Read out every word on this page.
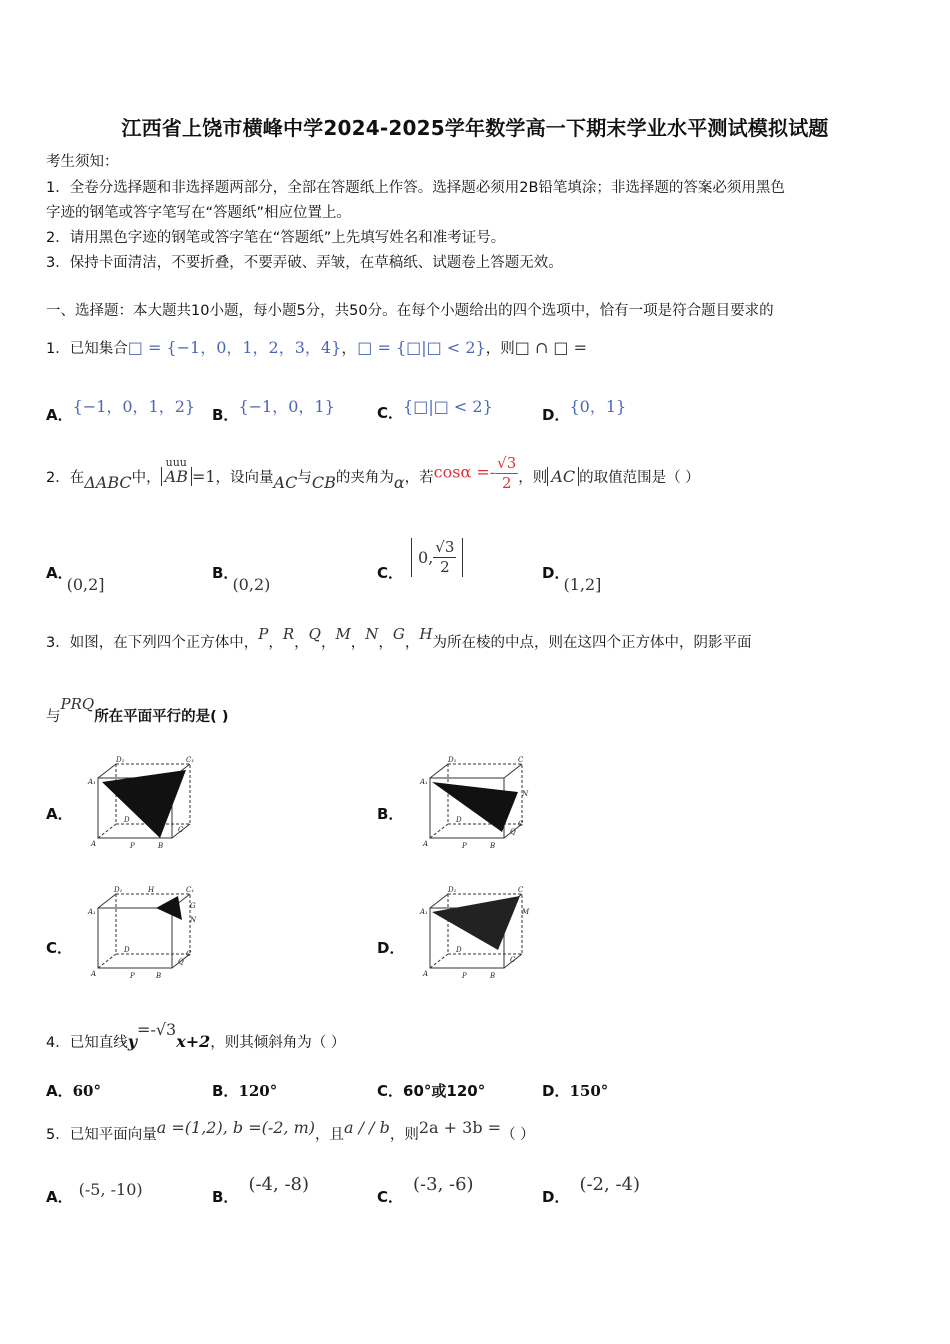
江西省上饶市横峰中学2024-2025学年数学高一下期末学业水平测试模拟试题
考生须知：
1．全卷分选择题和非选择题两部分，全部在答题纸上作答。选择题必须用2B铅笔填涂；非选择题的答案必须用黑色
字迹的钢笔或答字笔写在“答题纸”相应位置上。
2．请用黑色字迹的钢笔或答字笔在“答题纸”上先填写姓名和准考证号。
3．保持卡面清洁，不要折叠，不要弄破、弄皱，在草稿纸、试题卷上答题无效。
一、选择题：本大题共10小题，每小题5分，共50分。在每个小题给出的四个选项中，恰有一项是符合题目要求的
1．已知集合□ = {−1，0，1，2，3，4}，□ = {□|□ < 2}，则□ ∩ □ =
A．{−1，0，1，2} B．{−1，0，1}	C．{□|□ < 2}	D．{0，1}
2．在ΔABC中，
uuu
AB =1，设向量AC与CB的夹角为α，若$\cos\alpha =- \frac{√3}{2}$ ，则 AC 的取值范围是（ ）
A．(0,2]
B．(0,2)
C．0, $\frac{√3}{2}$	D．(1,2]
3．如图，在下列四个正方体中，P，R，Q，M，N，G，H为所在棱的中点，则在这四个正方体中，阴影平面
与PRQ所在平面平行的是( )
A．	B．
C．	D．
A₁
D₁	C₁
A	P	B
C
D
A₁
D₁	C
N
A	P	B
Q
C
D
A₁
D₁	H	C₁
G
N
A	P	B
Q
C
D
A₁
D₁	C
M
A	P	B
C
D
4．已知直线y=-√3x+2，则其倾斜角为（ ）
A．60°	B．120°	C．60°或120°	D．150°
5．已知平面向量a =(1,2), b =(-2, m)，且a / / b，则2a + 3b =（ ）
A． (-5, -10)	B．(-4, -8)
C．(-3, -6)
D．(-2, -4)
